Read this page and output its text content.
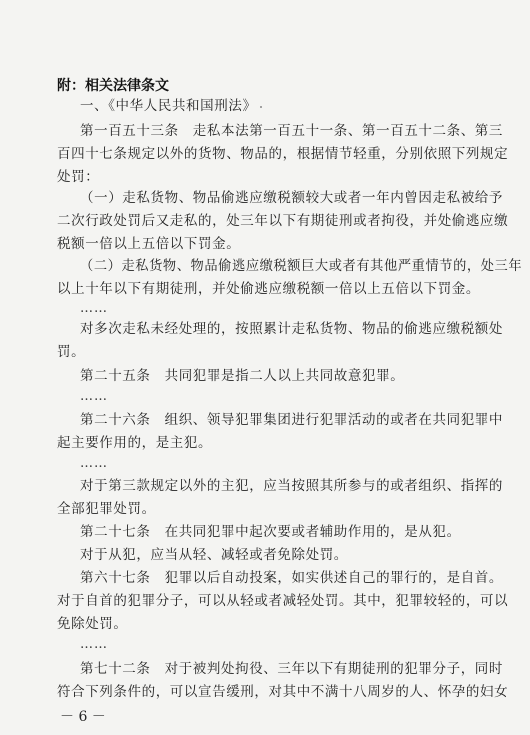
附：相关法律条文
一、《中华人民共和国刑法》
第一百五十三条　走私本法第一百五十一条、第一百五十二条、第三
百四十七条规定以外的货物、物品的，根据情节轻重，分别依照下列规定
处罚：
（一）走私货物、物品偷逃应缴税额较大或者一年内曾因走私被给予
二次行政处罚后又走私的，处三年以下有期徒刑或者拘役，并处偷逃应缴
税额一倍以上五倍以下罚金。
（二）走私货物、物品偷逃应缴税额巨大或者有其他严重情节的，处三年
以上十年以下有期徒刑，并处偷逃应缴税额一倍以上五倍以下罚金。
……
对多次走私未经处理的，按照累计走私货物、物品的偷逃应缴税额处
罚。
第二十五条　共同犯罪是指二人以上共同故意犯罪。
……
第二十六条　组织、领导犯罪集团进行犯罪活动的或者在共同犯罪中
起主要作用的，是主犯。
……
对于第三款规定以外的主犯，应当按照其所参与的或者组织、指挥的
全部犯罪处罚。
第二十七条　在共同犯罪中起次要或者辅助作用的，是从犯。
对于从犯，应当从轻、减轻或者免除处罚。
第六十七条　犯罪以后自动投案，如实供述自己的罪行的，是自首。
对于自首的犯罪分子，可以从轻或者减轻处罚。其中，犯罪较轻的，可以
免除处罚。
……
第七十二条　对于被判处拘役、三年以下有期徒刑的犯罪分子，同时
符合下列条件的，可以宣告缓刑，对其中不满十八周岁的人、怀孕的妇女
－ 6 －
